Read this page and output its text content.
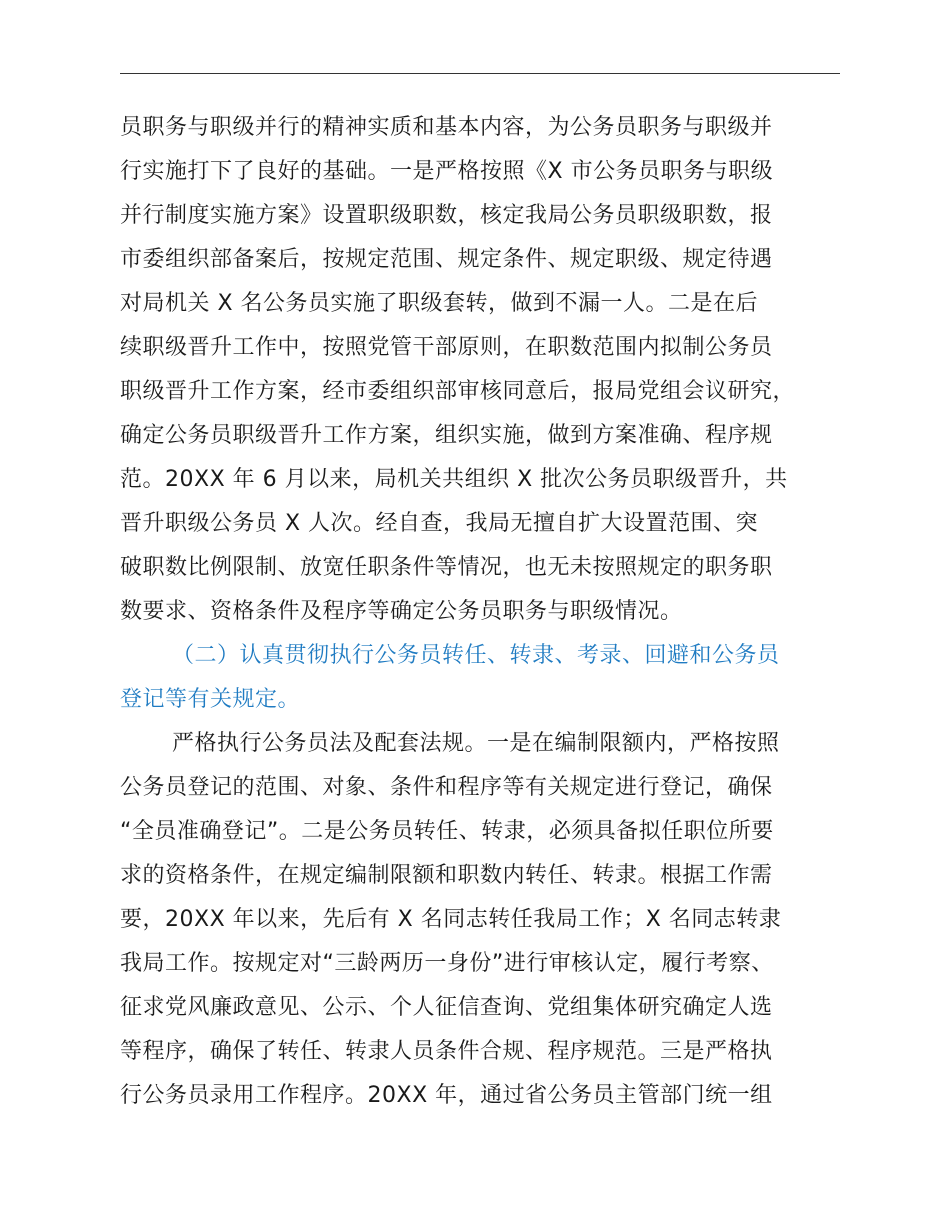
员职务与职级并行的精神实质和基本内容，为公务员职务与职级并
行实施打下了良好的基础。一是严格按照《X 市公务员职务与职级
并行制度实施方案》设置职级职数，核定我局公务员职级职数，报
市委组织部备案后，按规定范围、规定条件、规定职级、规定待遇
对局机关 X 名公务员实施了职级套转，做到不漏一人。二是在后
续职级晋升工作中，按照党管干部原则，在职数范围内拟制公务员
职级晋升工作方案，经市委组织部审核同意后，报局党组会议研究，
确定公务员职级晋升工作方案，组织实施，做到方案准确、程序规
范。20XX 年 6 月以来，局机关共组织 X 批次公务员职级晋升，共
晋升职级公务员 X 人次。经自查，我局无擅自扩大设置范围、突
破职数比例限制、放宽任职条件等情况，也无未按照规定的职务职
数要求、资格条件及程序等确定公务员职务与职级情况。
（二）认真贯彻执行公务员转任、转隶、考录、回避和公务员
登记等有关规定。
严格执行公务员法及配套法规。一是在编制限额内，严格按照
公务员登记的范围、对象、条件和程序等有关规定进行登记，确保
“全员准确登记”。二是公务员转任、转隶，必须具备拟任职位所要
求的资格条件，在规定编制限额和职数内转任、转隶。根据工作需
要，20XX 年以来，先后有 X 名同志转任我局工作；X 名同志转隶
我局工作。按规定对“三龄两历一身份”进行审核认定，履行考察、
征求党风廉政意见、公示、个人征信查询、党组集体研究确定人选
等程序，确保了转任、转隶人员条件合规、程序规范。三是严格执
行公务员录用工作程序。20XX 年，通过省公务员主管部门统一组
